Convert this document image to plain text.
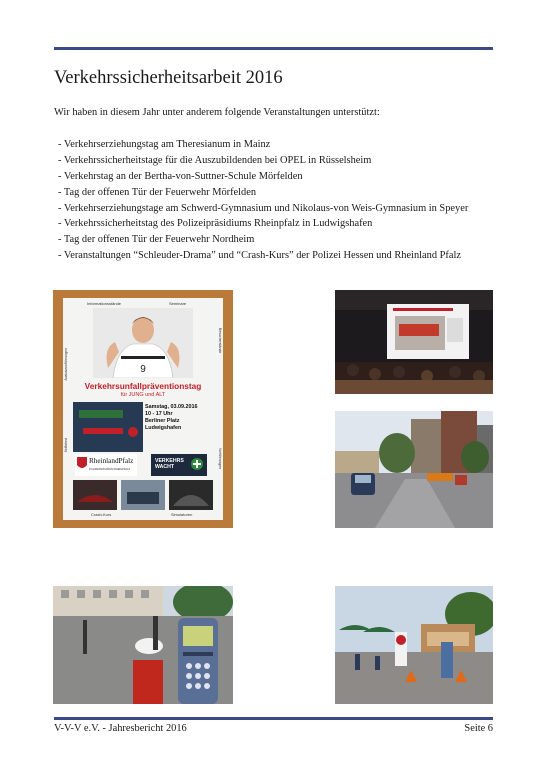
Verkehrssicherheitsarbeit 2016

Wir haben in diesem Jahr unter anderem folgende Veranstaltungen unterstützt:

- Verkehrserziehungstag am Theresianum in Mainz
- Verkehrssicherheitstage für die Auszubildenden bei OPEL in Rüsselsheim
- Verkehrstag an der Bertha-von-Suttner-Schule Mörfelden
- Tag der offenen Tür der Feuerwehr Mörfelden
- Verkehrserziehungstage am Schwerd-Gymnasium und Nikolaus-von Weis-Gymnasium in Speyer
- Verkehrssicherheitstag des Polizeipräsidiums Rheinpfalz in Ludwigshafen
- Tag der offenen Tür der Feuerwehr Nordheim
- Veranstaltungen “Schleuder-Drama” und “Crash-Kurs” der Polizei Hessen und Rheinland Pfalz
Informationsstände	Seminare
Ausbauvorführungen
Selfietest
Besucherstände
Vorführungen
9
Verkehrsunfallpräventionstag
für JUNG und ALT
Samstag, 03.09.2016
10 - 17 Uhr
Berliner Platz
Ludwigshafen
RheinlandPfalz
POLIZEIPRÄSIDIUM RHEINPFALZ
VERKEHRS WACHT
Crash-Kurs	Simulatoren
V-V-V e.V. - Jahresbericht 2016	Seite 6
